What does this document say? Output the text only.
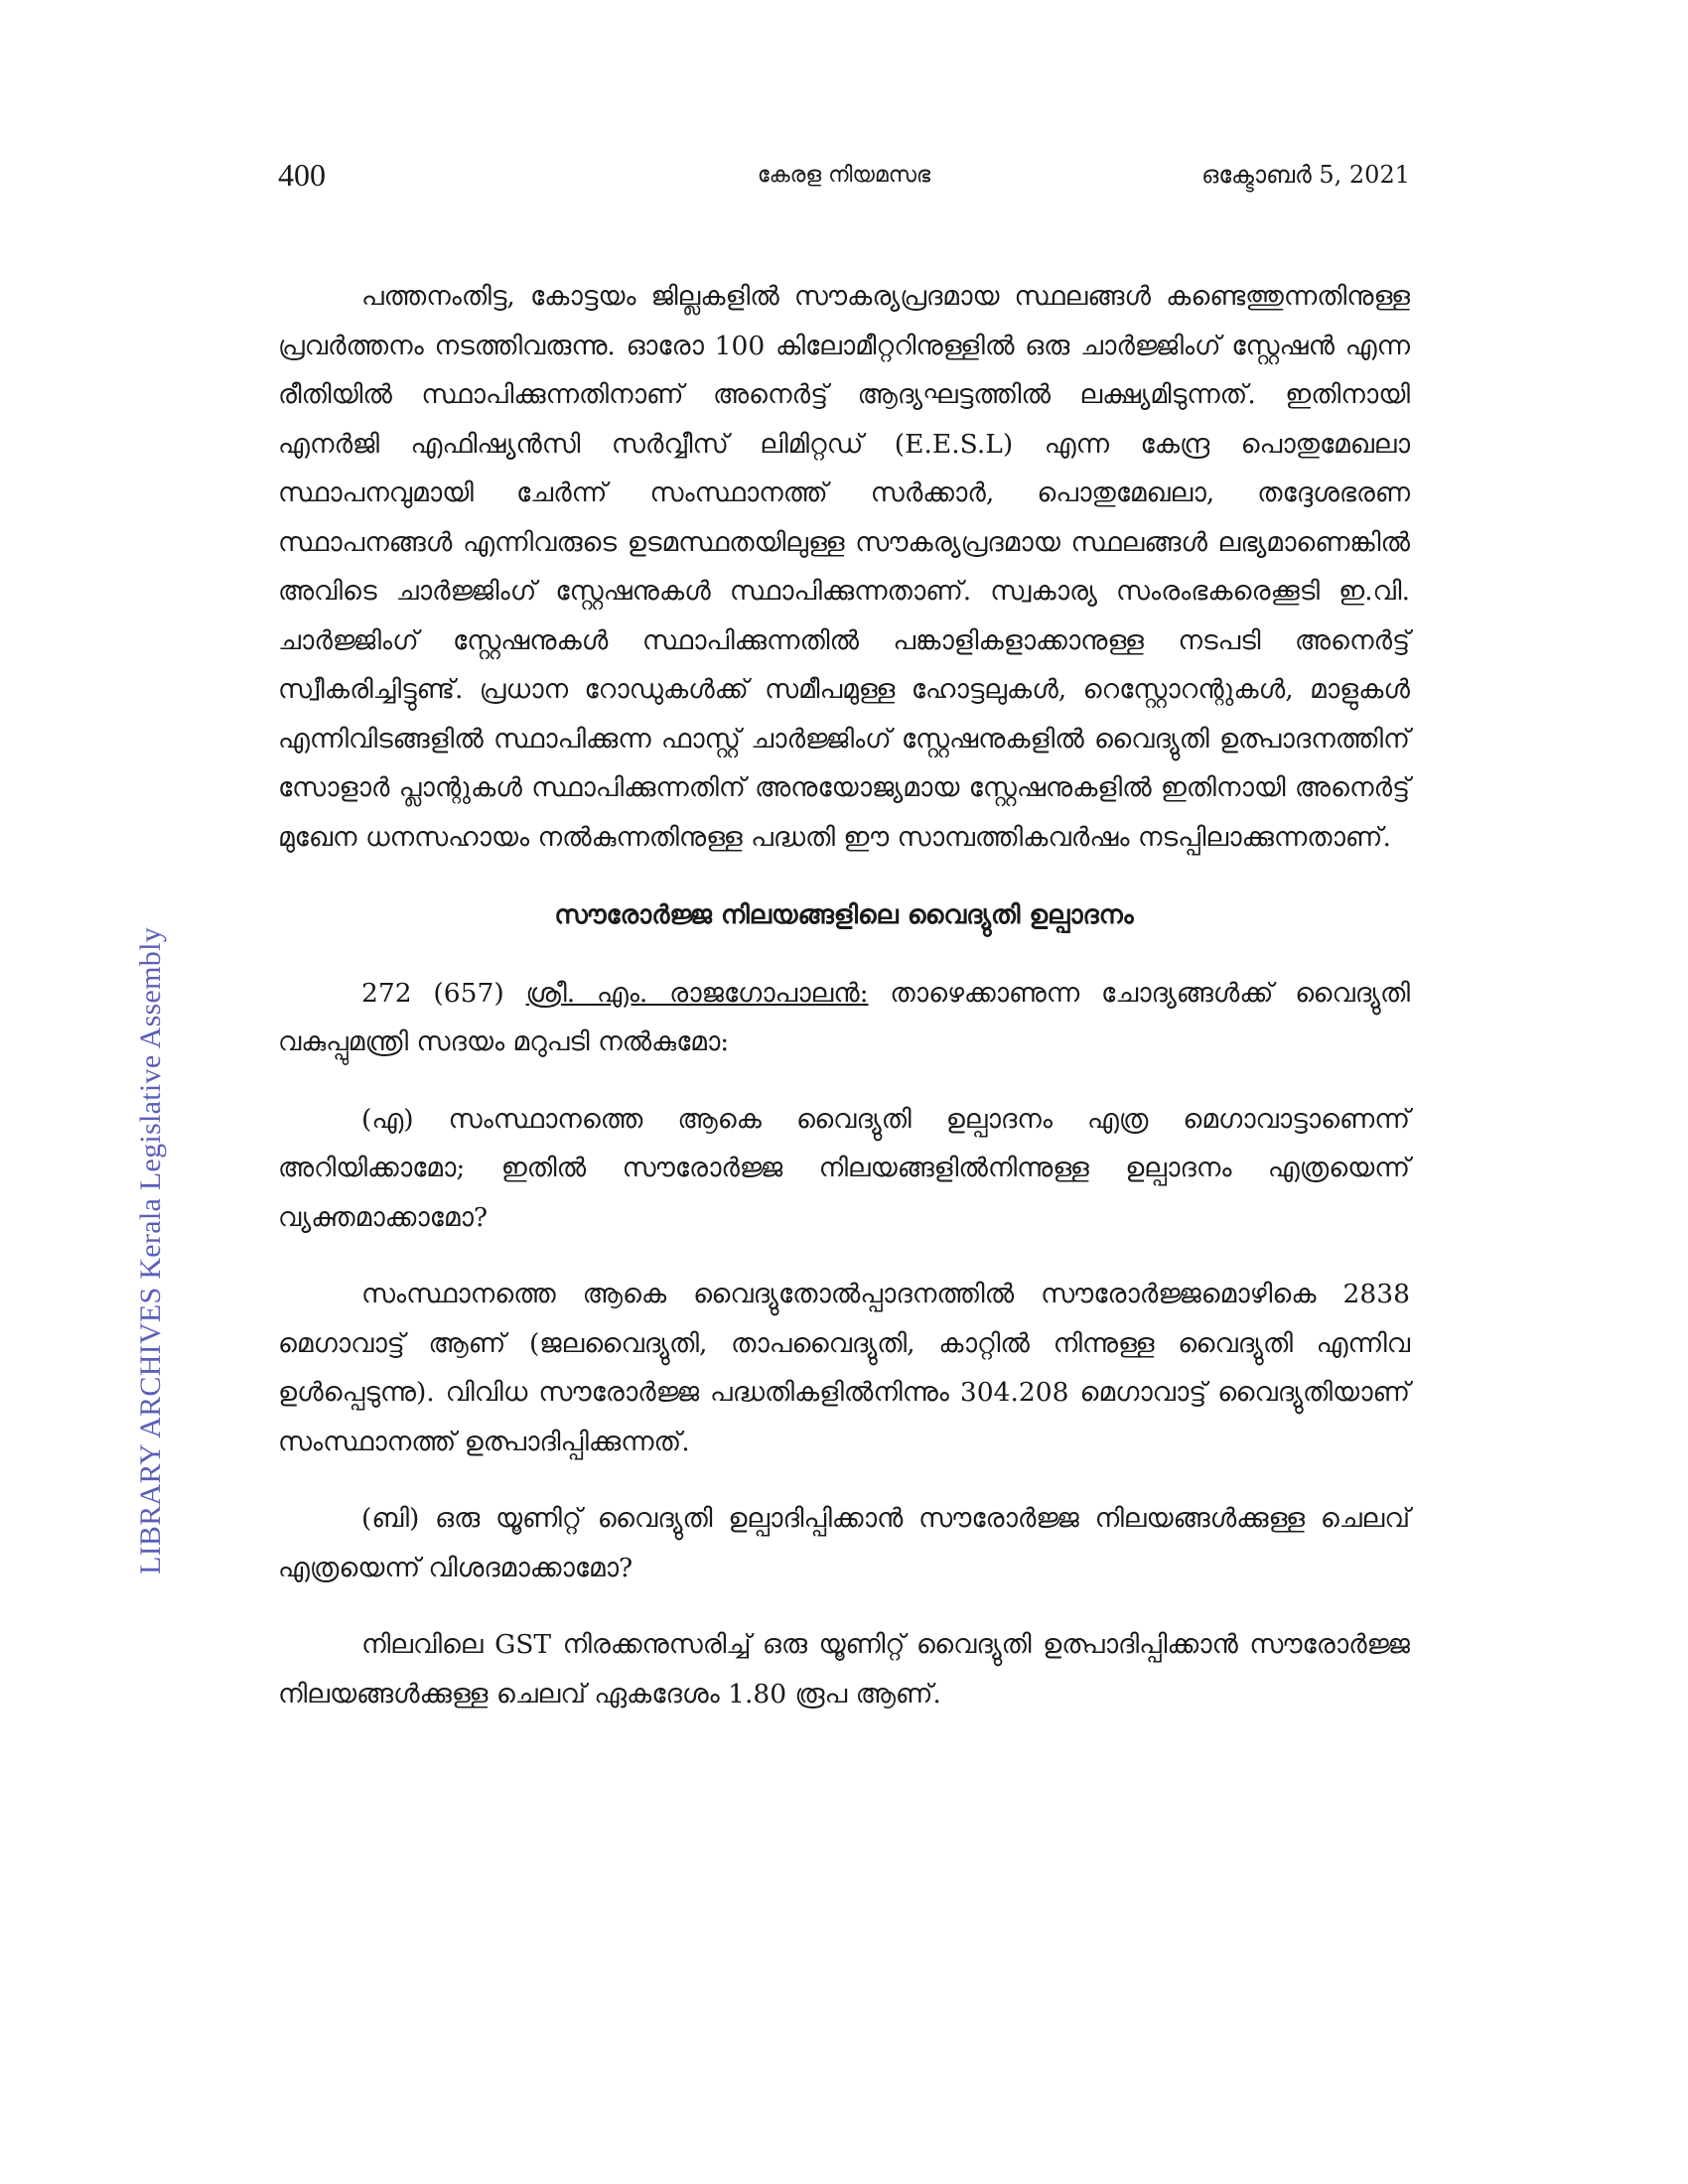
LIBRARY ARCHIVES Kerala Legislative Assembly
400	കേരള നിയമസഭ	ഒക്ടോബർ 5, 2021

പത്തനംതിട്ട, കോട്ടയം ജില്ലകളിൽ സൗകര്യപ്രദമായ സ്ഥലങ്ങൾ കണ്ടെത്തുന്നതിനുള്ള പ്രവർത്തനം നടത്തിവരുന്നു. ഓരോ 100 കിലോമീറ്ററിനുള്ളിൽ ഒരു ചാർജ്ജിംഗ് സ്റ്റേഷൻ എന്ന രീതിയിൽ സ്ഥാപിക്കുന്നതിനാണ് അനെർട്ട് ആദ്യഘട്ടത്തിൽ ലക്ഷ്യമിടുന്നത്. ഇതിനായി എനർജി എഫിഷ്യൻസി സർവ്വീസ് ലിമിറ്റഡ് (E.E.S.L) എന്ന കേന്ദ്ര പൊതുമേഖലാ സ്ഥാപനവുമായി ചേർന്ന് സംസ്ഥാനത്ത് സർക്കാർ, പൊതുമേഖലാ, തദ്ദേശഭരണ സ്ഥാപനങ്ങൾ എന്നിവരുടെ ഉടമസ്ഥതയിലുള്ള സൗകര്യപ്രദമായ സ്ഥലങ്ങൾ ലഭ്യമാണെങ്കിൽ അവിടെ ചാർജ്ജിംഗ് സ്റ്റേഷനുകൾ സ്ഥാപിക്കുന്നതാണ്. സ്വകാര്യ സംരംഭകരെക്കൂടി ഇ.വി. ചാർജ്ജിംഗ് സ്റ്റേഷനുകൾ സ്ഥാപിക്കുന്നതിൽ പങ്കാളികളാക്കാനുള്ള നടപടി അനെർട്ട് സ്വീകരിച്ചിട്ടുണ്ട്. പ്രധാന റോഡുകൾക്ക് സമീപമുള്ള ഹോട്ടലുകൾ, റെസ്റ്റോറന്റുകൾ, മാളുകൾ എന്നിവിടങ്ങളിൽ സ്ഥാപിക്കുന്ന ഫാസ്റ്റ് ചാർജ്ജിംഗ് സ്റ്റേഷനുകളിൽ വൈദ്യുതി ഉത്പാദനത്തിന് സോളാർ പ്ലാന്റുകൾ സ്ഥാപിക്കുന്നതിന് അനുയോജ്യമായ സ്റ്റേഷനുകളിൽ ഇതിനായി അനെർട്ട് മുഖേന ധനസഹായം നൽകുന്നതിനുള്ള പദ്ധതി ഈ സാമ്പത്തികവർഷം നടപ്പിലാക്കുന്നതാണ്.

സൗരോർജ്ജ നിലയങ്ങളിലെ വൈദ്യുതി ഉല്പാദനം

272 (657) ശ്രീ. എം. രാജഗോപാലൻ: താഴെക്കാണുന്ന ചോദ്യങ്ങൾക്ക് വൈദ്യുതി വകുപ്പുമന്ത്രി സദയം മറുപടി നൽകുമോ:

(എ) സംസ്ഥാനത്തെ ആകെ വൈദ്യുതി ഉല്പാദനം എത്ര മെഗാവാട്ടാണെന്ന് അറിയിക്കാമോ; ഇതിൽ സൗരോർജ്ജ നിലയങ്ങളിൽനിന്നുള്ള ഉല്പാദനം എത്രയെന്ന് വ്യക്തമാക്കാമോ?

സംസ്ഥാനത്തെ ആകെ വൈദ്യുതോൽപ്പാദനത്തിൽ സൗരോർജ്ജമൊഴികെ 2838 മെഗാവാട്ട് ആണ് (ജലവൈദ്യുതി, താപവൈദ്യുതി, കാറ്റിൽ നിന്നുള്ള വൈദ്യുതി എന്നിവ ഉൾപ്പെടുന്നു). വിവിധ സൗരോർജ്ജ പദ്ധതികളിൽനിന്നും 304.208 മെഗാവാട്ട് വൈദ്യുതിയാണ് സംസ്ഥാനത്ത് ഉത്പാദിപ്പിക്കുന്നത്.

(ബി) ഒരു യൂണിറ്റ് വൈദ്യുതി ഉല്പാദിപ്പിക്കാൻ സൗരോർജ്ജ നിലയങ്ങൾക്കുള്ള ചെലവ് എത്രയെന്ന് വിശദമാക്കാമോ?

നിലവിലെ GST നിരക്കനുസരിച്ച് ഒരു യൂണിറ്റ് വൈദ്യുതി ഉത്പാദിപ്പിക്കാൻ സൗരോർജ്ജ നിലയങ്ങൾക്കുള്ള ചെലവ് ഏകദേശം 1.80 രൂപ ആണ്.
